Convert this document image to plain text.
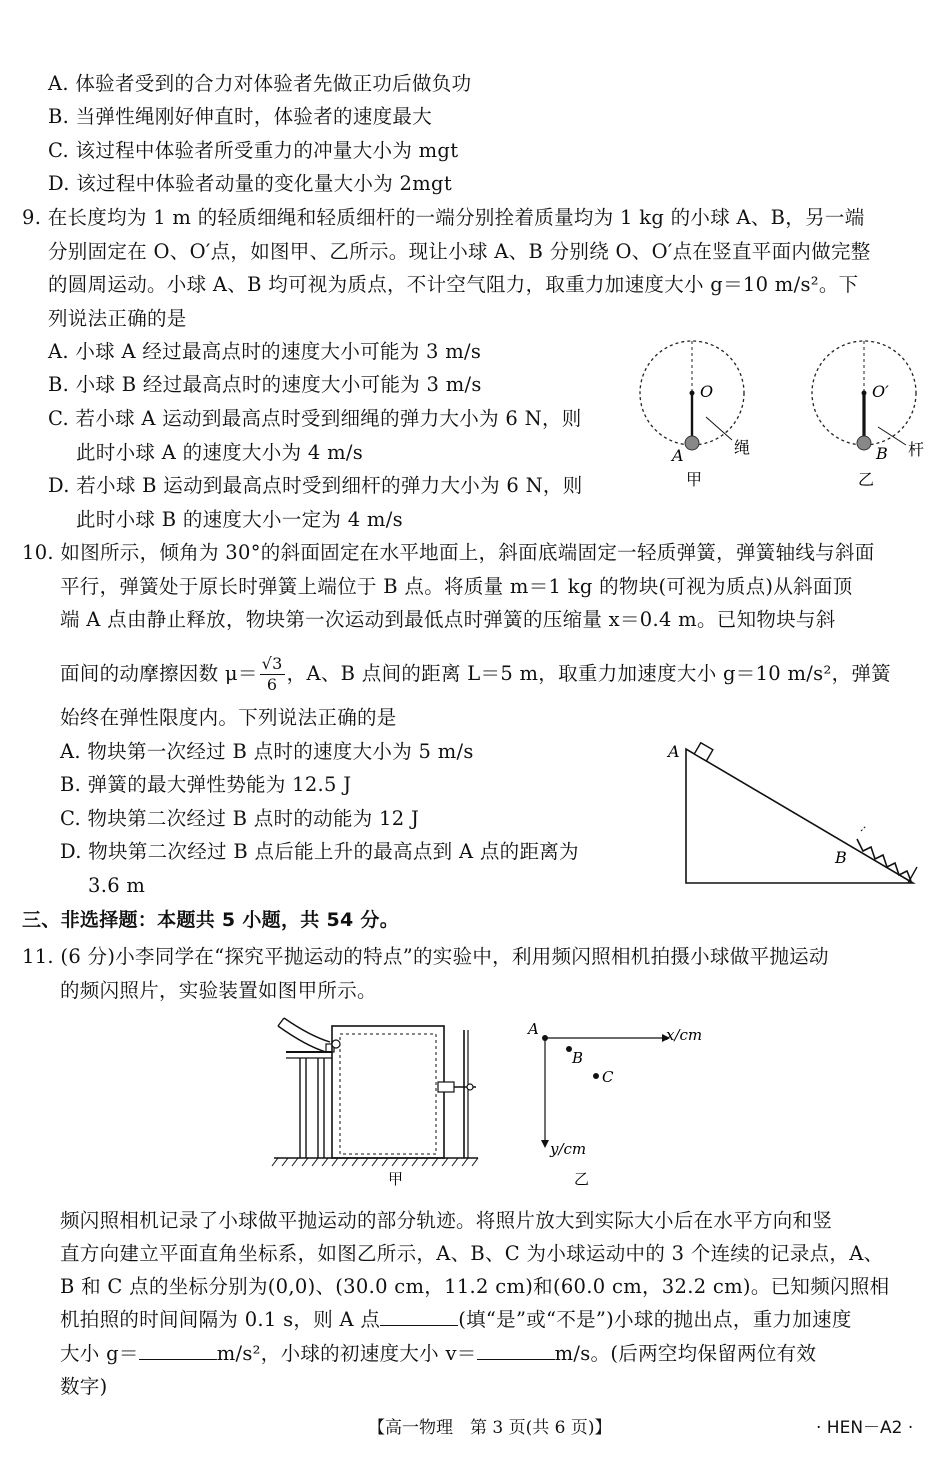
A. 体验者受到的合力对体验者先做正功后做负功
B. 当弹性绳刚好伸直时，体验者的速度最大
C. 该过程中体验者所受重力的冲量大小为 mgt
D. 该过程中体验者动量的变化量大小为 2mgt
9. 在长度均为 1 m 的轻质细绳和轻质细杆的一端分别拴着质量均为 1 kg 的小球 A、B，另一端
分别固定在 O、O′点，如图甲、乙所示。现让小球 A、B 分别绕 O、O′点在竖直平面内做完整
的圆周运动。小球 A、B 均可视为质点，不计空气阻力，取重力加速度大小 g＝10 m/s²。下
列说法正确的是
A. 小球 A 经过最高点时的速度大小可能为 3 m/s
B. 小球 B 经过最高点时的速度大小可能为 3 m/s
C. 若小球 A 运动到最高点时受到细绳的弹力大小为 6 N，则
此时小球 A 的速度大小为 4 m/s
D. 若小球 B 运动到最高点时受到细杆的弹力大小为 6 N，则
此时小球 B 的速度大小一定为 4 m/s
O
A	绳
甲
O′
B 杆
乙
10. 如图所示，倾角为 30°的斜面固定在水平地面上，斜面底端固定一轻质弹簧，弹簧轴线与斜面
平行，弹簧处于原长时弹簧上端位于 B 点。将质量 m＝1 kg 的物块(可视为质点)从斜面顶
端 A 点由静止释放，物块第一次运动到最低点时弹簧的压缩量 x＝0.4 m。已知物块与斜
面间的动摩擦因数 $\mu= \frac{√3}{6}$ ，A、B 点间的距离 L＝5 m，取重力加速度大小 g＝10 m/s²，弹簧
始终在弹性限度内。下列说法正确的是
A. 物块第一次经过 B 点时的速度大小为 5 m/s
B. 弹簧的最大弹性势能为 12.5 J
C. 物块第二次经过 B 点时的动能为 12 J
D. 物块第二次经过 B 点后能上升的最高点到 A 点的距离为
3.6 m
A
B
三、非选择题：本题共 5 小题，共 54 分。
11. (6 分)小李同学在“探究平抛运动的特点”的实验中，利用频闪照相机拍摄小球做平抛运动
的频闪照片，实验装置如图甲所示。
甲
A
B
C
x/cm
y/cm
乙
频闪照相机记录了小球做平抛运动的部分轨迹。将照片放大到实际大小后在水平方向和竖
直方向建立平面直角坐标系，如图乙所示，A、B、C 为小球运动中的 3 个连续的记录点，A、
B 和 C 点的坐标分别为(0,0)、(30.0 cm，11.2 cm)和(60.0 cm，32.2 cm)。已知频闪照相
机拍照的时间间隔为 0.1 s，则 A 点	(填“是”或“不是”)小球的抛出点，重力加速度
大小 g＝	m/s²，小球的初速度大小 v＝	m/s。(后两空均保留两位有效
数字)
【高一物理　第 3 页(共 6 页)】	· HEN－A2 ·
